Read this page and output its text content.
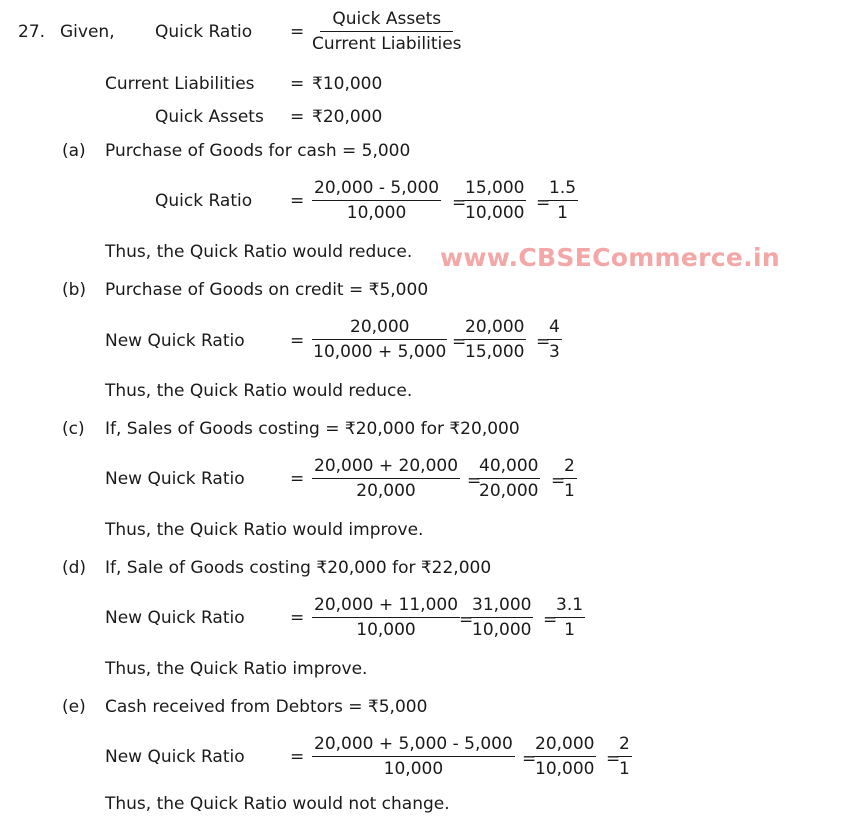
27. Given, Quick Ratio =
Quick Assets
Current Liabilities
Current Liabilities = ₹10,000
Quick Assets = ₹20,000
www.CBSECommerce.in
(a) Purchase of Goods for cash = 5,000
Quick Ratio = $\frac{20,000 - 5,000}{10,000}$ =
$\frac{15,000}{10,000}$ =
$\frac{1.5}{1}$
Thus, the Quick Ratio would reduce.
(b) Purchase of Goods on credit = ₹5,000
New Quick Ratio	= $\frac{20,000}{10,000 + 5,000}$ =
$\frac{20,000}{15,000}$ =
$\frac{4}{3}$
Thus, the Quick Ratio would reduce.
(c) If, Sales of Goods costing = ₹20,000 for ₹20,000
New Quick Ratio	= $\frac{20,000 + 20,000}{20,000}$ =
$\frac{40,000}{20,000}$ =
$\frac{2}{1}$
Thus, the Quick Ratio would improve.
(d) If, Sale of Goods costing ₹20,000 for ₹22,000
New Quick Ratio	= $\frac{20,000 + 11,000}{10,000}$
=
$\frac{31,000}{10,000}$ =
$\frac{3.1}{1}$
Thus, the Quick Ratio improve.
(e) Cash received from Debtors = ₹5,000
New Quick Ratio	= $\frac{20,000 + 5,000 - 5,000}{10,000}$ =
$\frac{20,000}{10,000}$ =
$\frac{2}{1}$
Thus, the Quick Ratio would not change.
